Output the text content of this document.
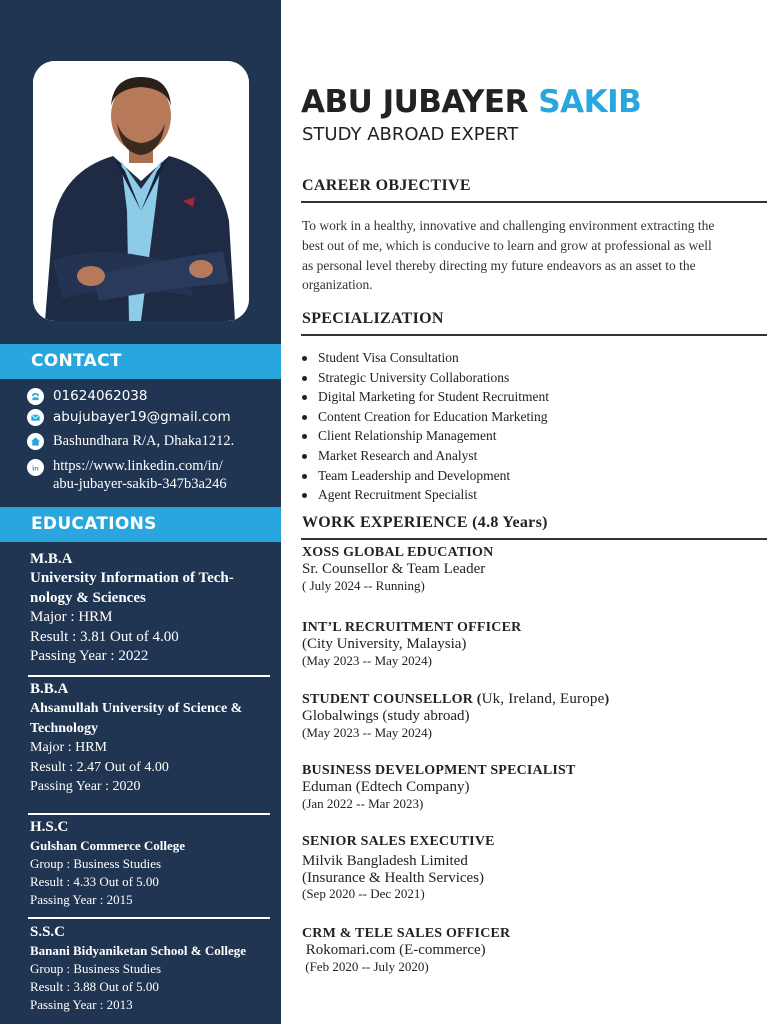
CONTACT
01624062038
abujubayer19@gmail.com
Bashundhara R/A, Dhaka1212.
in https://www.linkedin.com/in/
abu-jubayer-sakib-347b3a246
EDUCATIONS
M.B.A
University Information of Tech-
nology & Sciences
Major : HRM
Result : 3.81 Out of 4.00
Passing Year : 2022
B.B.A
Ahsanullah University of Science &
Technology
Major : HRM
Result : 2.47 Out of 4.00
Passing Year : 2020
H.S.C
Gulshan Commerce College
Group : Business Studies
Result : 4.33 Out of 5.00
Passing Year : 2015
S.S.C
Banani Bidyaniketan School & College
Group : Business Studies
Result : 3.88 Out of 5.00
Passing Year : 2013
ABU JUBAYER SAKIB
STUDY ABROAD EXPERT
CAREER OBJECTIVE
To work in a healthy, innovative and challenging environment extracting the
best out of me, which is conducive to learn and grow at professional as well
as personal level thereby directing my future endeavors as an asset to the
organization.
SPECIALIZATION
Student Visa Consultation
Strategic University Collaborations
Digital Marketing for Student Recruitment
Content Creation for Education Marketing
Client Relationship Management
Market Research and Analyst
Team Leadership and Development
Agent Recruitment Specialist
WORK EXPERIENCE (4.8 Years)
XOSS GLOBAL EDUCATION
Sr. Counsellor & Team Leader
( July 2024 -- Running)
INT’L RECRUITMENT OFFICER
(City University, Malaysia)
(May 2023 -- May 2024)
STUDENT COUNSELLOR (Uk, Ireland, Europe)
Globalwings (study abroad)
(May 2023 -- May 2024)
BUSINESS DEVELOPMENT SPECIALIST
Eduman (Edtech Company)
(Jan 2022 -- Mar 2023)
SENIOR SALES EXECUTIVE
Milvik Bangladesh Limited
(Insurance & Health Services)
(Sep 2020 -- Dec 2021)
CRM & TELE SALES OFFICER
Rokomari.com (E-commerce)
(Feb 2020 -- July 2020)
